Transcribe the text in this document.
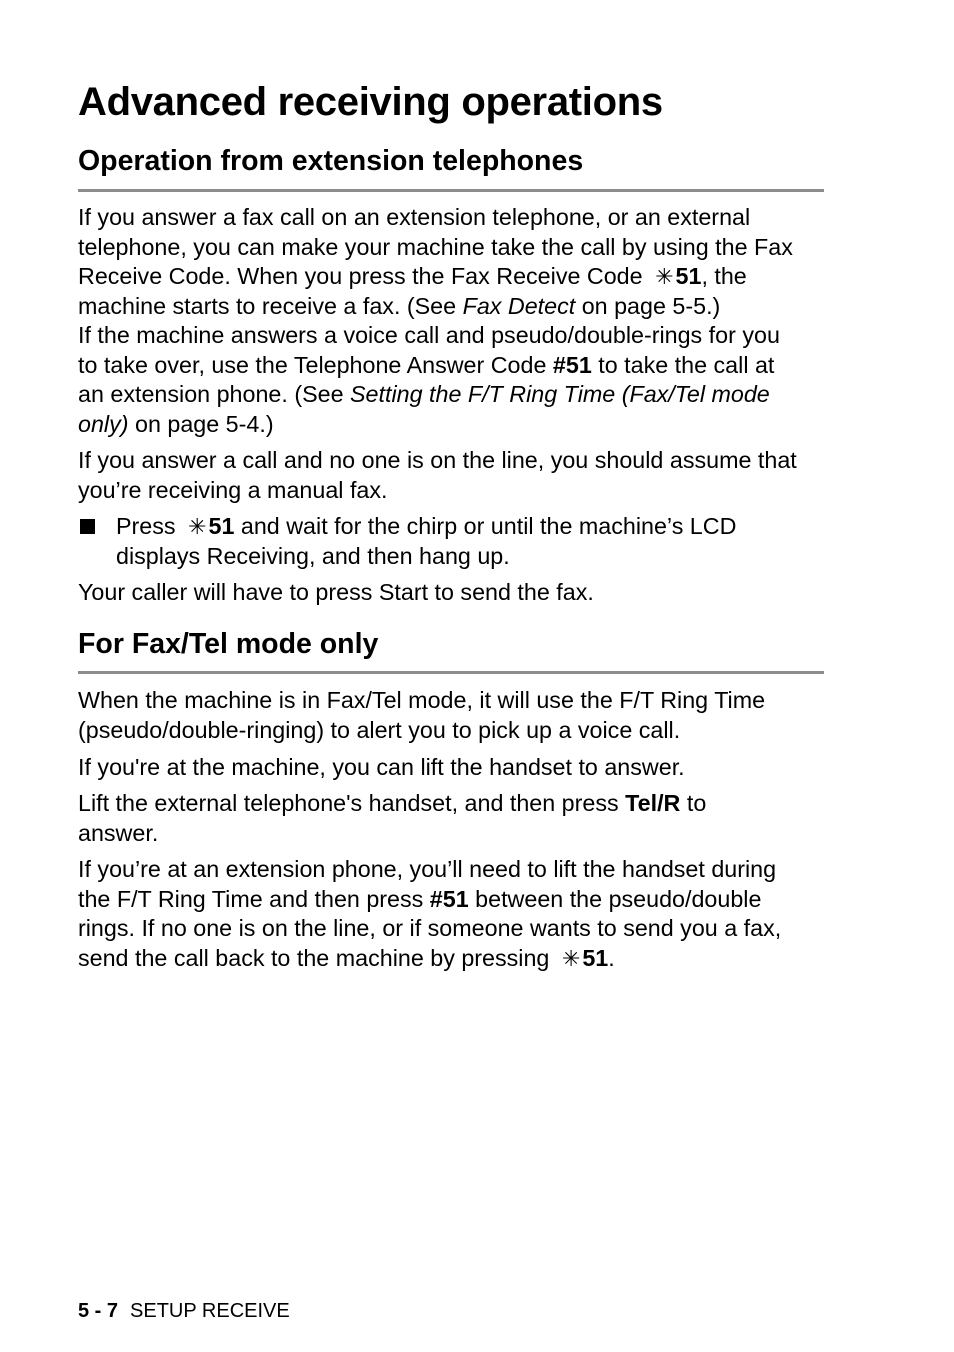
Advanced receiving operations
Operation from extension telephones
If you answer a fax call on an extension telephone, or an external
telephone, you can make your machine take the call by using the Fax
Receive Code. When you press the Fax Receive Code ✳51, the
machine starts to receive a fax. (See Fax Detect on page 5-5.)
If the machine answers a voice call and pseudo/double-rings for you
to take over, use the Telephone Answer Code #51 to take the call at
an extension phone. (See Setting the F/T Ring Time (Fax/Tel mode
only) on page 5-4.)
If you answer a call and no one is on the line, you should assume that
you’re receiving a manual fax.
Press ✳51 and wait for the chirp or until the machine’s LCD
displays Receiving, and then hang up.
Your caller will have to press Start to send the fax.
For Fax/Tel mode only
When the machine is in Fax/Tel mode, it will use the F/T Ring Time
(pseudo/double-ringing) to alert you to pick up a voice call.
If you're at the machine, you can lift the handset to answer.
Lift the external telephone's handset, and then press Tel/R to
answer.
If you’re at an extension phone, you’ll need to lift the handset during
the F/T Ring Time and then press #51 between the pseudo/double
rings. If no one is on the line, or if someone wants to send you a fax,
send the call back to the machine by pressing ✳51.
5 - 7 SETUP RECEIVE
